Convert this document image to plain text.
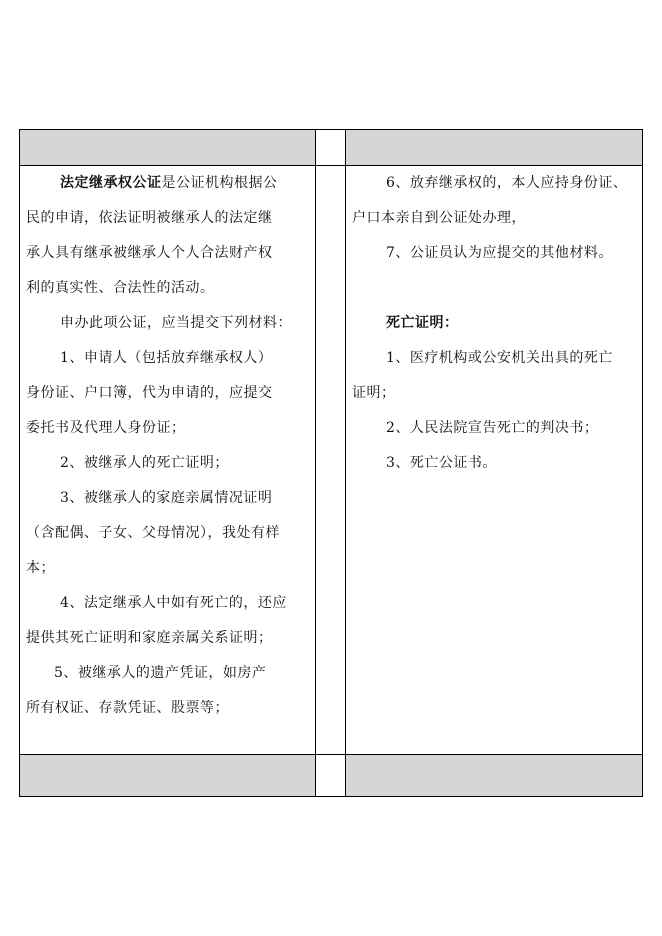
法定继承权公证是公证机构根据公

民的申请，依法证明被继承人的法定继

承人具有继承被继承人个人合法财产权

利的真实性、合法性的活动。

申办此项公证，应当提交下列材料：

1、申请人（包括放弃继承权人）

身份证、户口簿，代为申请的，应提交

委托书及代理人身份证；

2、被继承人的死亡证明；

3、被继承人的家庭亲属情况证明

（含配偶、子女、父母情况），我处有样

本；

4、法定继承人中如有死亡的，还应

提供其死亡证明和家庭亲属关系证明；

5、被继承人的遗产凭证，如房产

所有权证、存款凭证、股票等；

6、放弃继承权的，本人应持身份证、

户口本亲自到公证处办理，

7、公证员认为应提交的其他材料。

死亡证明：

1、医疗机构或公安机关出具的死亡

证明；

2、人民法院宣告死亡的判决书；

3、死亡公证书。
